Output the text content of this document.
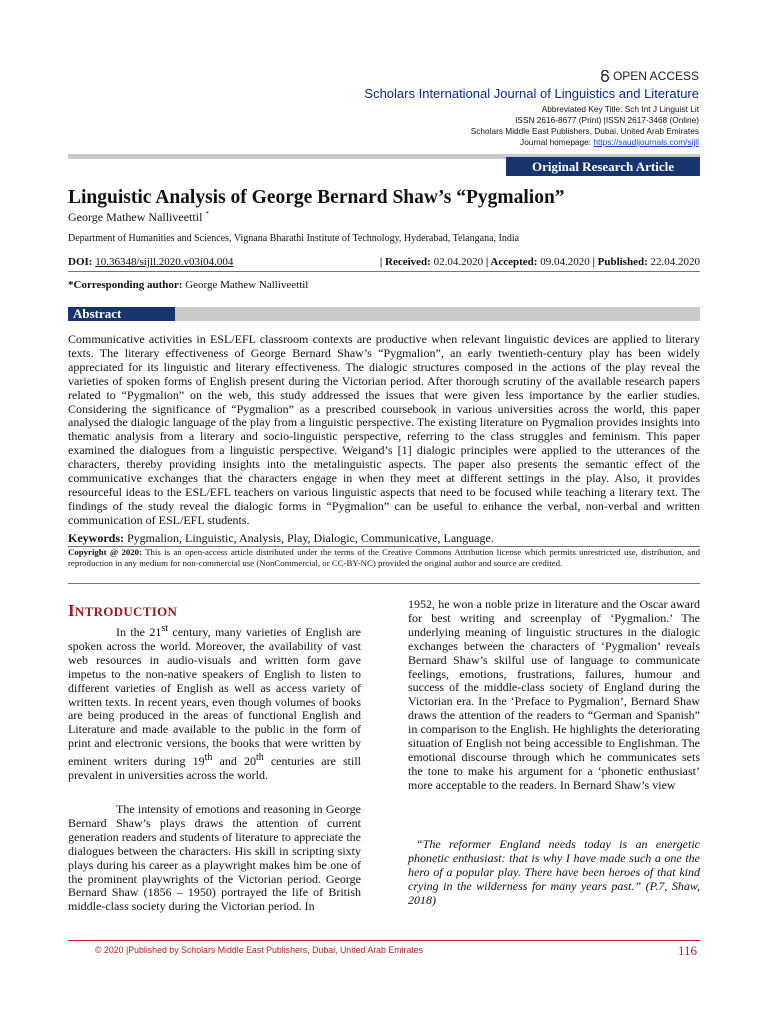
OPEN ACCESS
Scholars International Journal of Linguistics and Literature
Abbreviated Key Title: Sch Int J Linguist Lit
ISSN 2616-8677 (Print) |ISSN 2617-3468 (Online)
Scholars Middle East Publishers, Dubai, United Arab Emirates
Journal homepage: https://saudijournals.com/sijll
Original Research Article
Linguistic Analysis of George Bernard Shaw’s “Pygmalion”
George Mathew Nalliveettil *
Department of Humanities and Sciences, Vignana Bharathi Institute of Technology, Hyderabad, Telangana, India
DOI: 10.36348/sijll.2020.v03i04.004	| Received: 02.04.2020 | Accepted: 09.04.2020 | Published: 22.04.2020
*Corresponding author: George Mathew Nalliveettil
Abstract
Communicative activities in ESL/EFL classroom contexts are productive when relevant linguistic devices are applied to literary texts. The literary effectiveness of George Bernard Shaw’s “Pygmalion”, an early twentieth-century play has been widely appreciated for its linguistic and literary effectiveness. The dialogic structures composed in the actions of the play reveal the varieties of spoken forms of English present during the Victorian period. After thorough scrutiny of the available research papers related to “Pygmalion” on the web, this study addressed the issues that were given less importance by the earlier studies. Considering the significance of “Pygmalion” as a prescribed coursebook in various universities across the world, this paper analysed the dialogic language of the play from a linguistic perspective. The existing literature on Pygmalion provides insights into thematic analysis from a literary and socio-linguistic perspective, referring to the class struggles and feminism. This paper examined the dialogues from a linguistic perspective. Weigand’s [1] dialogic principles were applied to the utterances of the characters, thereby providing insights into the metalinguistic aspects. The paper also presents the semantic effect of the communicative exchanges that the characters engage in when they meet at different settings in the play. Also, it provides resourceful ideas to the ESL/EFL teachers on various linguistic aspects that need to be focused while teaching a literary text. The findings of the study reveal the dialogic forms in “Pygmalion” can be useful to enhance the verbal, non-verbal and written communication of ESL/EFL students.
Keywords: Pygmalion, Linguistic, Analysis, Play, Dialogic, Communicative, Language.
Copyright @ 2020: This is an open-access article distributed under the terms of the Creative Commons Attribution license which permits unrestricted use, distribution, and reproduction in any medium for non-commercial use (NonCommercial, or CC-BY-NC) provided the original author and source are credited.
INTRODUCTION
In the 21st century, many varieties of English are spoken across the world. Moreover, the availability of vast web resources in audio-visuals and written form gave impetus to the non-native speakers of English to listen to different varieties of English as well as access variety of written texts. In recent years, even though volumes of books are being produced in the areas of functional English and Literature and made available to the public in the form of print and electronic versions, the books that were written by eminent writers during 19th and 20th centuries are still prevalent in universities across the world.
The intensity of emotions and reasoning in George Bernard Shaw’s plays draws the attention of current generation readers and students of literature to appreciate the dialogues between the characters. His skill in scripting sixty plays during his career as a playwright makes him be one of the prominent playwrights of the Victorian period. George Bernard Shaw (1856 – 1950) portrayed the life of British middle-class society during the Victorian period. In
1952, he won a noble prize in literature and the Oscar award for best writing and screenplay of ‘Pygmalion.’ The underlying meaning of linguistic structures in the dialogic exchanges between the characters of ‘Pygmalion’ reveals Bernard Shaw’s skilful use of language to communicate feelings, emotions, frustrations, failures, humour and success of the middle-class society of England during the Victorian era. In the ‘Preface to Pygmalion’, Bernard Shaw draws the attention of the readers to “German and Spanish” in comparison to the English. He highlights the deteriorating situation of English not being accessible to Englishman. The emotional discourse through which he communicates sets the tone to make his argument for a ‘phonetic enthusiast’ more acceptable to the readers. In Bernard Shaw’s view
“The reformer England needs today is an energetic phonetic enthusiast: that is why I have made such a one the hero of a popular play. There have been heroes of that kind crying in the wilderness for many years past.” (P.7, Shaw, 2018)
© 2020 |Published by Scholars Middle East Publishers, Dubai, United Arab Emirates	116
